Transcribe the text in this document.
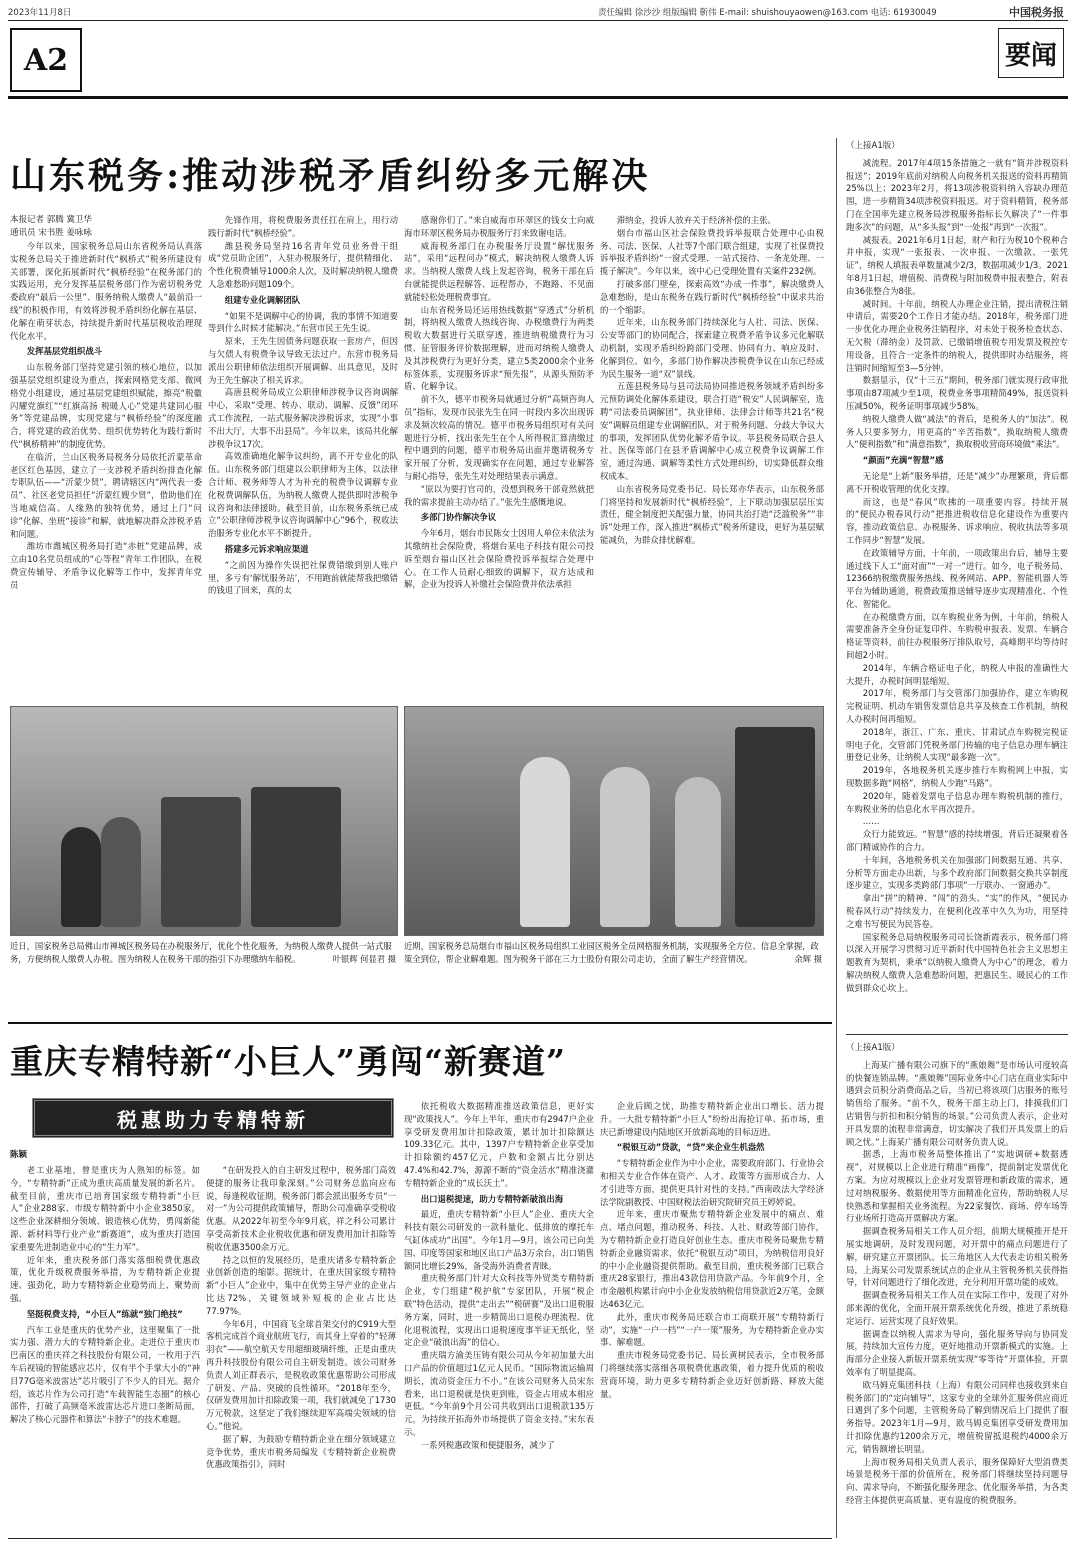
2023年11月8日	责任编辑 徐沙沙 组版编辑 靳伟 E-mail: shuishouyaowen@163.com 电话: 61930049	中国税务报
A2	要闻
山东税务:推动涉税矛盾纠纷多元解决
本报记者 郭腾 冀卫华
通讯员 宋书胜 姜咏咏

今年以来，国家税务总局山东省税务局认真落实税务总局关于推进新时代“枫桥式”税务所建设有关部署，深化拓展新时代“枫桥经验”在税务部门的实践运用，充分发挥基层税务部门作为密切税务党委政府“最后一公里”、服务纳税人缴费人“最前沿一线”的积极作用，有效将涉税矛盾纠纷化解在基层、化解在萌芽状态，持续提升新时代基层税收治理现代化水平。

发挥基层党组织战斗

山东税务部门坚持党建引领的核心地位，以加强基层党组织建设为重点，探索网格党支部、微网格党小组建设，通过基层党建组织赋能，擦亮“税徽闪耀党旗红”“红旗高扬 税暖人心”党建共建同心服务”等党建品牌，实现党建与“枫桥经验”的深度融合，将党建的政治优势、组织优势转化为践行新时代“枫桥精神”的制度优势。

在临沂，兰山区税务局税务分局依托沂蒙革命老区红色基因，建立了一支涉税矛盾纠纷排查化解专职队伍——“沂蒙少贤”，聘请辖区内“两代表一委员”、社区老党员担任“沂蒙红嫂少贤”，借助他们在当地威信高、人缘熟的独特优势，通过上门“问诊”化解、坐班“接诊”和解，就地解决群众涉税矛盾和问题。

潍坊市潍城区税务局打造“赤桩”党建品牌，成立由10名党员组成的“心等程”青年工作团队，在税费宣传辅导、矛盾争议化解等工作中，发挥青年党员

先锋作用，将税费服务责任扛在肩上，用行动践行新时代“枫桥经验”。

潍县税务局坚持16名青年党员业务骨干组成“党员助企团”，入驻办税服务厅，提供精细化、个性化税费辅导1000余人次，及时解决纳税人缴费人急难愁盼问题109个。

组建专业化调解团队

“如果不是调解中心的协调，我的事情不知道要等到什么时候才能解决。”东营市民王先生说。

原来，王先生因债务问题获取一套房产，但因与欠债人有税费争议导致无法过户。东营市税务局派出公职律师依法组织开展调解、出具意见，及时为王先生解决了相关诉求。

高唐县税务局成立公职律师涉税争议咨询调解中心，采取“受理、转办、联动、调解、反馈”闭环式工作流程，一站式服务解决涉税诉求，实现“小事不出大厅，大事不出县局”。今年以来，该局共化解涉税争议17次。

高效准确地化解争议纠纷，离不开专业化的队伍。山东税务部门组建以公职律师为主体，以法律合计师、税务师等人才为补充的税费争议调解专业化税费调解队伍，为纳税人缴费人提供即时涉税争议咨询和法律援助。截至目前，山东税务系统已成立“公职律师涉税争议咨询调解中心”96个，税收法治服务专业化水平不断提升。

搭建多元诉求响应渠道

“之前因为操作失误把社保费错缴到别人账户里，多亏有‘解忧服务站’，不用跑前就能帮我把缴错的钱退了回来，真的太

感谢你们了。”来自威海市环翠区的钱女士向威海市环翠区税务局办税服务厅打来致谢电话。

威海税务部门在办税服务厅设置“解忧服务站”，采用“远程问办”模式，解决纳税人缴费人诉求。当纳税人缴费人线上发起咨询，税务干部在后台就能提供远程解答、远程帮办，不跑路、不见面就能轻松处理税费事宜。

山东省税务局还运用热线数据“穿透式”分析机制，将纳税人缴费人热线咨询、办税缴费行为两类税收大数据进行关联穿透，推进纳税缴费行为习惯、征管服务评价数据理解，进而对纳税人缴费人及其涉税费行为更好分类，建立5类2000余个业务标签体系，实现服务诉求“预先报”，从源头预防矛盾、化解争议。

前不久，德平市税务局就通过分析“高频咨询人员”指标，发现市民张先生在同一时段内多次出现诉求及频次较高的情况。德平市税务局组织对有关问题进行分析，找出张先生在个人所得税汇算清缴过程中遇到的问题，德平市税务局出面并邀请税务专家开展了分析，发现确实存在问题，通过专业解答与耐心指导，张先生对处理结果表示满意。

“原以为要打官司的，没想到税务干部竟然就把我的需求提前主动办结了。”张先生感慨地说。

多部门协作解决争议

今年6月，烟台市民陈女士因用人单位未依法为其缴纳社会保险费，将烟台某电子科技有限公司投诉至烟台福山区社会保险费投诉举报综合处理中心。在工作人员耐心细致的调解下，双方达成和解，企业为投诉人补缴社会保险费并依法承担

滞纳金，投诉人放弃关于经济补偿的主张。

烟台市福山区社会保险费投诉举报联合处理中心由税务、司法、医保、人社等7个部门联合组建，实现了社保费投诉举报矛盾纠纷“一窗式受理、一站式接待、一条龙处理、一揽子解决”。今年以来，该中心已受理处置有关案件232例。

打破多部门壁垒，探索高效“办成一件事”，解决缴费人急难愁盼，是山东税务在践行新时代“枫桥经验”中谋求共治的一个缩影。

近年来，山东税务部门持续深化与人社、司法、医保、公安等部门的协同配合，探索建立税费矛盾争议多元化解联动机制，实现矛盾纠纷跨部门受理、协同有力、响应及时、化解到位。如今，多部门协作解决涉税费争议在山东已经成为民生服务一道“双”景线。

五莲县税务局与县司法局协同推进税务领域矛盾纠纷多元预防调处化解体系建设，联合打造“税安”人民调解室，选聘“司法委员调解团”，执业律师、法律会计师等共21名“税安”调解员组建专业调解团队，对于税务问题、分歧大争议大的事项，发挥团队优势化解矛盾争议。莘县税务局联合县人社、医保等部门在县矛盾调解中心成立税费争议调解工作室，通过沟通、调解等柔性方式处理纠纷，切实降低群众维权成本。

山东省税务局党委书记、局长郑亦华表示，山东税务部门将坚持和发展新时代“枫桥经验”，上下联动加强层层压实责任，健全制度把关配强力量，协同共治打造“泛滥税务”“非诉”处理工作，深入推进“枫桥式”税务所建设，更好为基层赋能减负，为群众排忧解难。

近日，国家税务总局佛山市禅城区税务局在办税服务厅，优化个性化服务，为纳税人缴费人提供一站式服务，方便纳税人缴费人办税。图为纳税人在税务干部的指引下办理缴纳车船税。	叶银辉 何显君 摄
近期，国家税务总局烟台市福山区税务局组织工业园区税务全员网格服务机制，实现服务全方位、信息全掌握，政策全到位，帮企业解难题。图为税务干部在三力士股份有限公司走访，全面了解生产经营情况。	余辉 摄
重庆专精特新“小巨人”勇闯“新赛道”
税惠助力专精特新
陈颖

老工业基地，曾是重庆为人熟知的标签。如今，“专精特新”正成为重庆高质量发展的新名片。截至目前，重庆市已培育国家级专精特新“小巨人”企业288家、市级专精特新中小企业3850家，这些企业深耕细分领域、锻造核心优势，勇闯新能源、新材料等行业产业“新赛道”，成为重庆打造国家重要先进制造业中心的“生力军”。

近年来，重庆税务部门落实落细税费优惠政策，优化升级税费服务举措，为专精特新企业提速、强劲化，助力专精特新企业稳势而上、聚势而强。

坚挺税费支持，“小巨人”练就“独门绝技”

汽车工业是重庆的优势产业，这里聚集了一批实力强、潜力大的专精特新企业。走进位于重庆市巴南区的重庆祥之科技股份有限公司，一枚用于汽车后视镜的智能感应芯片，仅有半个手掌大小的“神目77G毫米波雷达”芯片吸引了不少人的目光。据介绍，该芯片作为公司打造“车载智能生态圈”的核心部件，打破了高频毫米波雷达芯片进口垄断局面，解决了核心元器件和算法“卡脖子”的技术难题。

“在研发投入的自主研发过程中，税务部门高效便捷的服务让我印象深刻。”公司财务总监向应布说，每逢税收征期，税务部门都会派出服务专员“一对一”为公司提供政策辅导，帮助公司准确享受税收优惠。从2022年初至今年9月底，祥之科公司累计享受高新技术企业税收优惠和研发费用加计扣除等税收优惠3500余万元。

持之以恒的发展经历，是重庆诸多专精特新企业创新创造的缩影。据统计，在重庆国家级专精特新“小巨人”企业中，集中在优势主导产业的企业占比达72%，关键领域补短板的企业占比达77.97%。

今年6月，中国商飞全球首架交付的C919大型客机完成首个商业航班飞行，而其身上穿着的“轻薄羽衣”——航空航天专用超细玻璃纤维，正是由重庆再升科技股份有限公司自主研发制造。该公司财务负责人刘正群表示，是税收政策优惠帮助公司形成了研发、产品、突破的良性循环。“2018年至今，仅研发费用加计扣除政策一项，我们就减免了1730万元税款，这坚定了我们继续迎军高端尖领域的信心。”他说。

据了解，为鼓励专精特新企业在细分领域建立竞争优势，重庆市税务局编发《专精特新企业税费优惠政策指引》，同时

依托税收大数据精准推送政策信息，更好实现“政策找人”。今年上半年，重庆市有2947户企业享受研发费用加计扣除政策，累计加计扣除额达109.33亿元。其中，1397户专精特新企业享受加计扣除额约457亿元，户数和金额占比分别达47.4%和42.7%，源源不断的“资金活水”精准浇灌专精特新企业的“成长沃土”。

出口退税提速，助力专精特新破浪出海

最近，重庆专精特新“小巨人”企业、重庆大全科技有限公司研发的一款科量化、低排放的摩托车气缸体成功“出国”。今年1月—9月，该公司已向美国、印度等国家和地区出口产品3万余台，出口销售额同比增长29%，备受海外消费者青睐。

重庆税务部门针对大众科技等外贸类专精特新企业，专门组建“税护航”专家团队，开展“税企联”特色活动，提供“走出去”“税研赛”及出口退税服务方案，同时，进一步精简出口退税办理流程、优化退税流程，实现出口退税速度事半证无纸化，坚定企业“破浪出海”的信心。

重庆瑞方渝美压铸有限公司从今年初加量大出口产品的价值超过1亿元人民币。“国际物流运输周期长，流动资金压力不小。”在该公司财务人员宋东看来，出口退税就是快更到账，资金占用成本相应更低。“今年前9个月公司共收到出口退税款135万元，为持续开拓海外市场提供了资金支持。”宋东表示。

一系列税惠政策和便捷服务，减少了

企业后顾之忧，助推专精特新企业出口增长、活力提升。一大批专精特新“小巨人”纷纷出海抢订单、拓市场，重庆已新增建设内陆地区开放新高地的目标迈进。

“税银互动”贷款，“贷”来企业生机盎然

“专精特新企业作为中小企业，需要政府部门、行业协会和相关专业合作体在资产、人才、政策等方面形成合力、人才引进等方面，提供更具针对性的支持。”西南政法大学经济法学院副教授、中国财税法治研究院研究员王婷婷说。

近年来，重庆市聚焦专精特新企业发展中的痛点、难点、堵点问题，推动税务、科技、人社、财政等部门协作，为专精特新企业打造良好创业生态。重庆市税务局聚焦专精特新企业融资需求，依托“税银互动”项目，为纳税信用良好的中小企业融资提供帮助。截至目前，重庆税务部门已联合重庆28家银行，推出43款信用贷款产品。今年前9个月，全市金融机构累计向中小企业发放纳税信用贷款近2万笔，金额达463亿元。

此外，重庆市税务局还联合市工商联开展“专精特新行动”，实施“一户一档”“一户一策”服务，为专精特新企业办实事、解难题。

重庆市税务局党委书记、局长黄树民表示，全市税务部门将继续落实落细各项税费优惠政策，着力提升优质的税收营商环境，助力更多专精特新企业迈好创新路、释放大能量。

（上接A1版）

减流程。2017年4项15条措施之一就有“简并涉税资料报送”；2019年底前对纳税人向税务机关报送的资料再精简25%以上；2023年2月，将13项涉税资料纳入容缺办理范围，进一步精简34项涉税资料报送。对于资料精简，税务部门在全国率先建立税务局涉税服务指标长久解决了“一件事跑多次”的问题，从“多头报”到“一处报”再到“一次报”。

减报表。2021年6月1日起，财产和行为税10个税种合并申报，实现“一张报表、一次申报、一次缴款、一张凭证”，纳税人填报表单数量减少2/3，数据项减少1/3。2021年8月1日起，增值税、消费税与附加税费申报表整合，附表由36张整合为8张。

减时间。十年前，纳税人办理企业注销，提出清税注销申请后，需要20个工作日才能办结。2018年，税务部门进一步优化办理企业税务注销程序，对未处于税务检查状态、无欠税（滞纳金）及罚款、已缴销增值税专用发票及税控专用设备，且符合一定条件的纳税人，提供即时办结服务，将注销时间缩短至3—5分钟。

数据显示，仅“十三五”期间，税务部门就实现行政审批事项由87项减少至1项，税费业务事项精简49%，报送资料压减50%，税务证明事项减少58%。

纳税人缴费人做“减法”的背后，是税务人的“加法”。税务人只要多努力，用更高的“辛苦指数”，换取纳税人缴费人“便利指数”和“满意指数”，换取税收营商环境做“乘法”。

“颜面”充满“智慧”感

无论是“上新”服务举措，还是“减少”办理繁琐，背后都离不开税收管理的优化支撑。

而这，也是“春风”吹拂的一项重要内容。持续开展的“便民办税春风行动”把推进税收信息化建设作为重要内容，推动政策信息、办税服务、诉求响应、税收执法等多项工作同步“智慧”发展。

在政策辅导方面，十年前，一项政策出台后，辅导主要通过线下人工“面对面”“一对一”进行。如今，电子税务局、12366纳税缴费服务热线、税务网站、APP、智能机器人等平台为辅助通道，税费政策推送辅导逐步实现精准化、个性化、智能化。

在办税缴费方面，以车购税业务为例，十年前，纳税人需要准备齐全身份证复印件、车购税申报表、发票、车辆合格证等资料，前往办税服务厅排队取号，高峰期平均等待时间超2小时。

2014年，车辆合格证电子化，纳税人申报的准确性大大提升，办税时间明显缩短。

2017年，税务部门与交管部门加强协作，建立车购税完税证明、机动车销售发票信息共享及核查工作机制，纳税人办税时间再缩短。

2018年，浙江、广东、重庆、甘肃试点车购税完税证明电子化，交管部门凭税务部门传输的电子信息办理车辆注册登记业务，让纳税人实现“最多跑一次”。

2019年，各地税务机关逐步推行车购税网上申报，实现数据多跑“网格”，纳税人少跑“马路”。

2020年，随着发票电子信息办理车购税机制的推行，车购税业务的信息化水平再次提升。

……

众行力能致远。“智慧”感的持续增强，背后还凝聚着各部门精诚协作的合力。

十年间，各地税务机关在加强部门间数据互通、共享、分析等方面走办出新，与多个政府部门间数据交换共享制度逐步建立，实现多类跨部门事项“一厅联办、一窗通办”。

拿出“拼”的精神、“闯”的劲头、“实”的作风，“便民办税春风行动”持续发力，在便利化改革中久久为功，用坚持之难书写便民为民答卷。

国家税务总局纳税服务司司长饶新霞表示，税务部门将以深入开展学习贯彻习近平新时代中国特色社会主义思想主题教育为契机，秉承“以纳税人缴费人为中心”的理念，着力解决纳税人缴费人急难愁盼问题，把惠民生、暖民心的工作做到群众心坎上。

（上接A1版）

上海某广播有限公司旗下的“燕娘舞”是市场认可度较高的快餐连锁品牌。“燕娘舞”国际业务中心门店在商业实际中遇到会员积分消费商品之后，当初已将该项门店服务的账号销售给了服务。“前不久，税务干部主动上门，排摸我们门店销售与折扣和积分销售的场景。”公司负责人表示，企业对开具发票的流程非常满意，切实解决了我们开具发票上的后顾之忧。”上海某广播有限公司财务负责人说。

据悉，上海市税务局整体推出了“实地调研+数据透视”，对规模以上企业进行精准“画像”，提前制定发票优化方案。为应对规模以上企业对发票管理和新政策的需求，通过对纳税服务、数据使用等方面精准化宣传，帮助纳税人尽快熟悉和掌握相关业务流程。为22家餐饮、商场、停车场等行业场所打造高开票解决方案。

据调查税务局相关工作人员介绍，前期大规模推开是开展实地调研，及时发现问题，对开票中的痛点问题进行了解，研究建立开票团队。长三角地区人大代表走访相关税务局，上海某公司发票系统试点的企业从主管税务机关获得指导，针对问题进行了细化改进，充分利用开票功能的成效。

据调查税务局相关工作人员在实际工作中，发现了对外部来源的优化，全面开展开票系统优化升级，推进了系统稳定运行、运营实现了良好效果。

据调查以纳税人需求为导向，强化服务导向与协同发展，持续加大宣传力度，更好地推动开票新模式的实施。上海部分企业接入新版开票系统实现“零等待”开票体验，开票效率有了明显提高。

欧马姆克集团科技（上海）有限公司同样也接收到来自税务部门的“定向辅导”，这家专业的全球外汇服务供应商近日遇到了多个问题，主管税务局了解到情况后上门提供了服务指导。2023年1月—9月，欧马姆克集团享受研发费用加计扣除优惠约1200余万元，增值税留抵退税约4000余万元，销售额增长明显。

上海市税务局相关负责人表示，服务保障好大型消费类场景是税务干部的价值所在，税务部门将继续坚持问题导向、需求导向，不断强化服务理念、优化服务举措，为各类经营主体提供更高质量、更有温度的税费服务。
